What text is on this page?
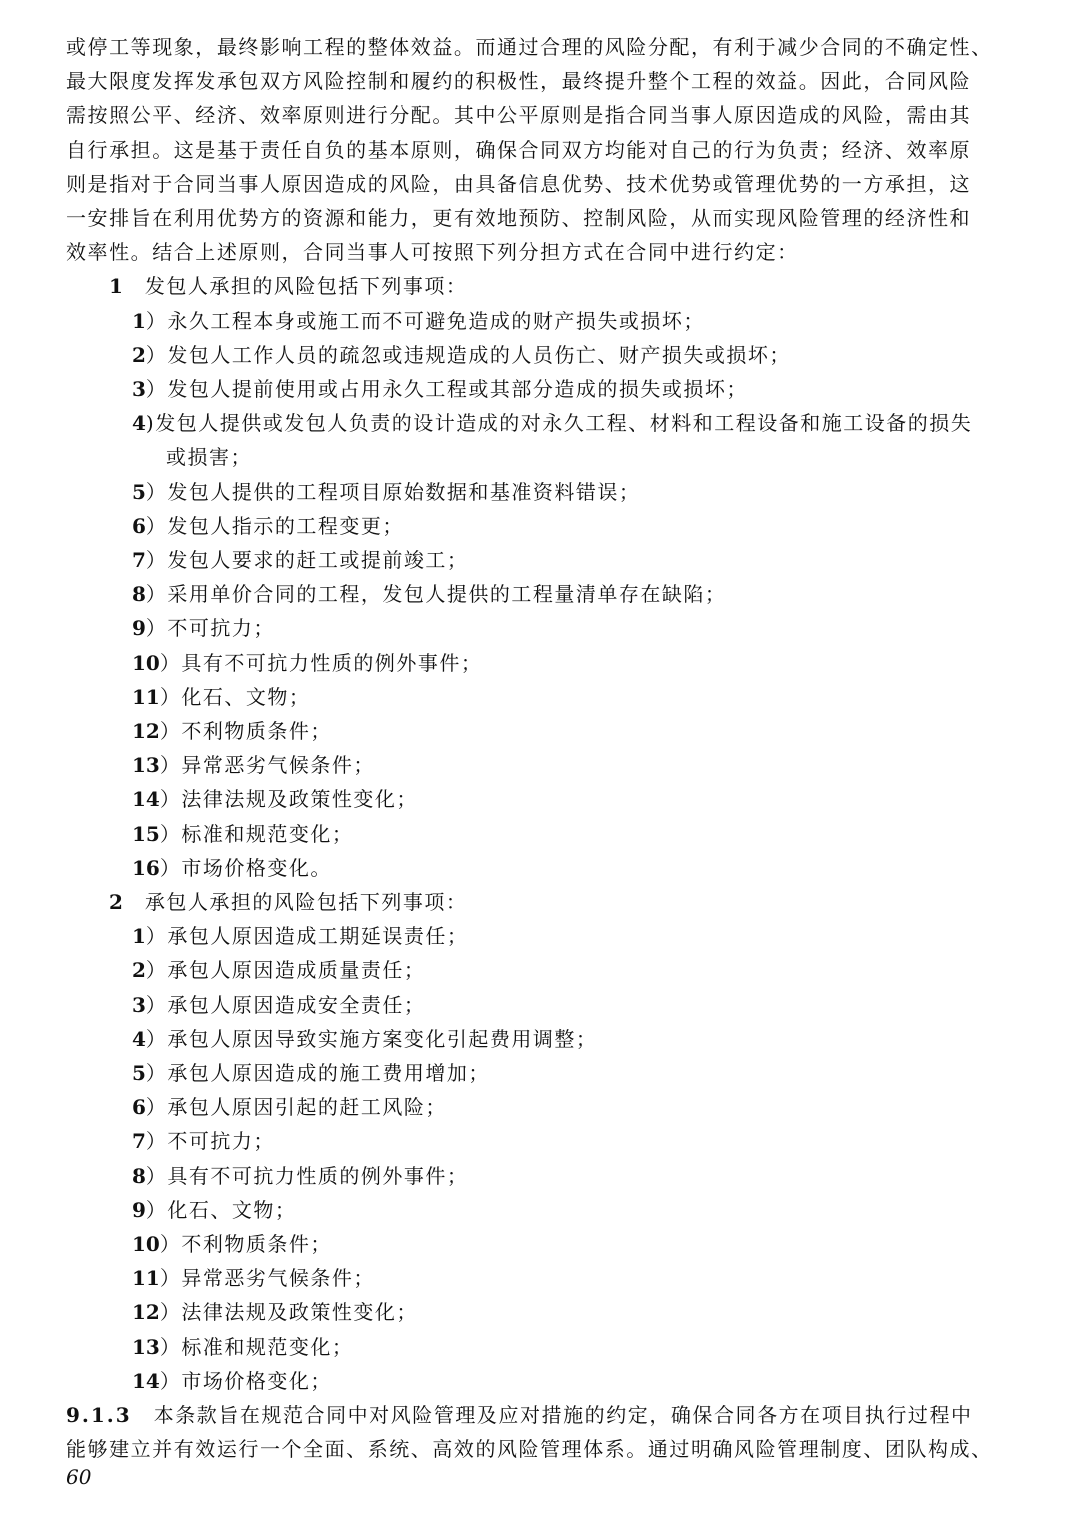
或停工等现象，最终影响工程的整体效益。而通过合理的风险分配，有利于减少合同的不确定性、
最大限度发挥发承包双方风险控制和履约的积极性，最终提升整个工程的效益。因此，合同风险
需按照公平、经济、效率原则进行分配。其中公平原则是指合同当事人原因造成的风险，需由其
自行承担。这是基于责任自负的基本原则，确保合同双方均能对自己的行为负责；经济、效率原
则是指对于合同当事人原因造成的风险，由具备信息优势、技术优势或管理优势的一方承担，这
一安排旨在利用优势方的资源和能力，更有效地预防、控制风险，从而实现风险管理的经济性和
效率性。结合上述原则，合同当事人可按照下列分担方式在合同中进行约定：
1 发包人承担的风险包括下列事项：
1）永久工程本身或施工而不可避免造成的财产损失或损坏；
2）发包人工作人员的疏忽或违规造成的人员伤亡、财产损失或损坏；
3）发包人提前使用或占用永久工程或其部分造成的损失或损坏；
4)发包人提供或发包人负责的设计造成的对永久工程、材料和工程设备和施工设备的损失
或损害；
5）发包人提供的工程项目原始数据和基准资料错误；
6）发包人指示的工程变更；
7）发包人要求的赶工或提前竣工；
8）采用单价合同的工程，发包人提供的工程量清单存在缺陷；
9）不可抗力；
10）具有不可抗力性质的例外事件；
11）化石、文物；
12）不利物质条件；
13）异常恶劣气候条件；
14）法律法规及政策性变化；
15）标准和规范变化；
16）市场价格变化。
2 承包人承担的风险包括下列事项：
1）承包人原因造成工期延误责任；
2）承包人原因造成质量责任；
3）承包人原因造成安全责任；
4）承包人原因导致实施方案变化引起费用调整；
5）承包人原因造成的施工费用增加；
6）承包人原因引起的赶工风险；
7）不可抗力；
8）具有不可抗力性质的例外事件；
9）化石、文物；
10）不利物质条件；
11）异常恶劣气候条件；
12）法律法规及政策性变化；
13）标准和规范变化；
14）市场价格变化；
9.1.3 本条款旨在规范合同中对风险管理及应对措施的约定，确保合同各方在项目执行过程中
能够建立并有效运行一个全面、系统、高效的风险管理体系。通过明确风险管理制度、团队构成、
60
